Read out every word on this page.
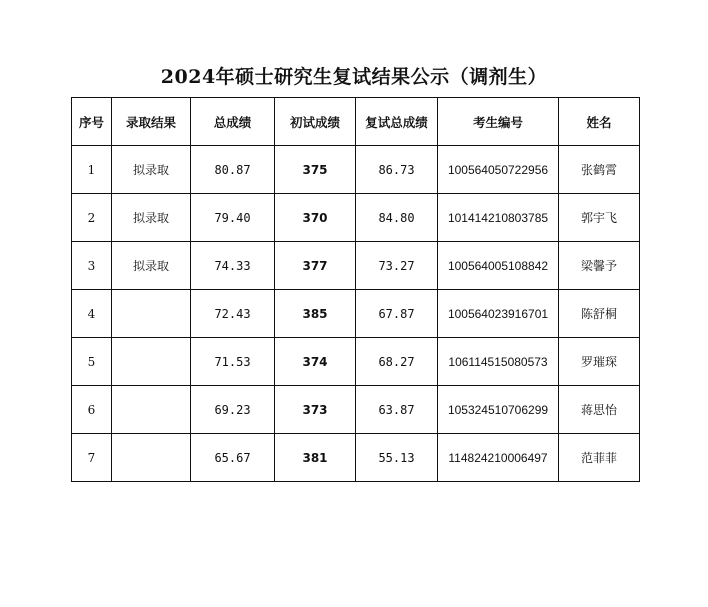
2024年硕士研究生复试结果公示（调剂生）
序号	录取结果	总成绩	初试成绩	复试总成绩	考生编号	姓名
1	拟录取	80.87	375	86.73	100564050722956	张鹤霄
2	拟录取	79.40	370	84.80	101414210803785	郭宇飞
3	拟录取	74.33	377	73.27	100564005108842	梁馨予
4		72.43	385	67.87	100564023916701	陈舒桐
5		71.53	374	68.27	106114515080573	罗璀琛
6		69.23	373	63.87	105324510706299	蒋思怡
7		65.67	381	55.13	114824210006497	范菲菲
